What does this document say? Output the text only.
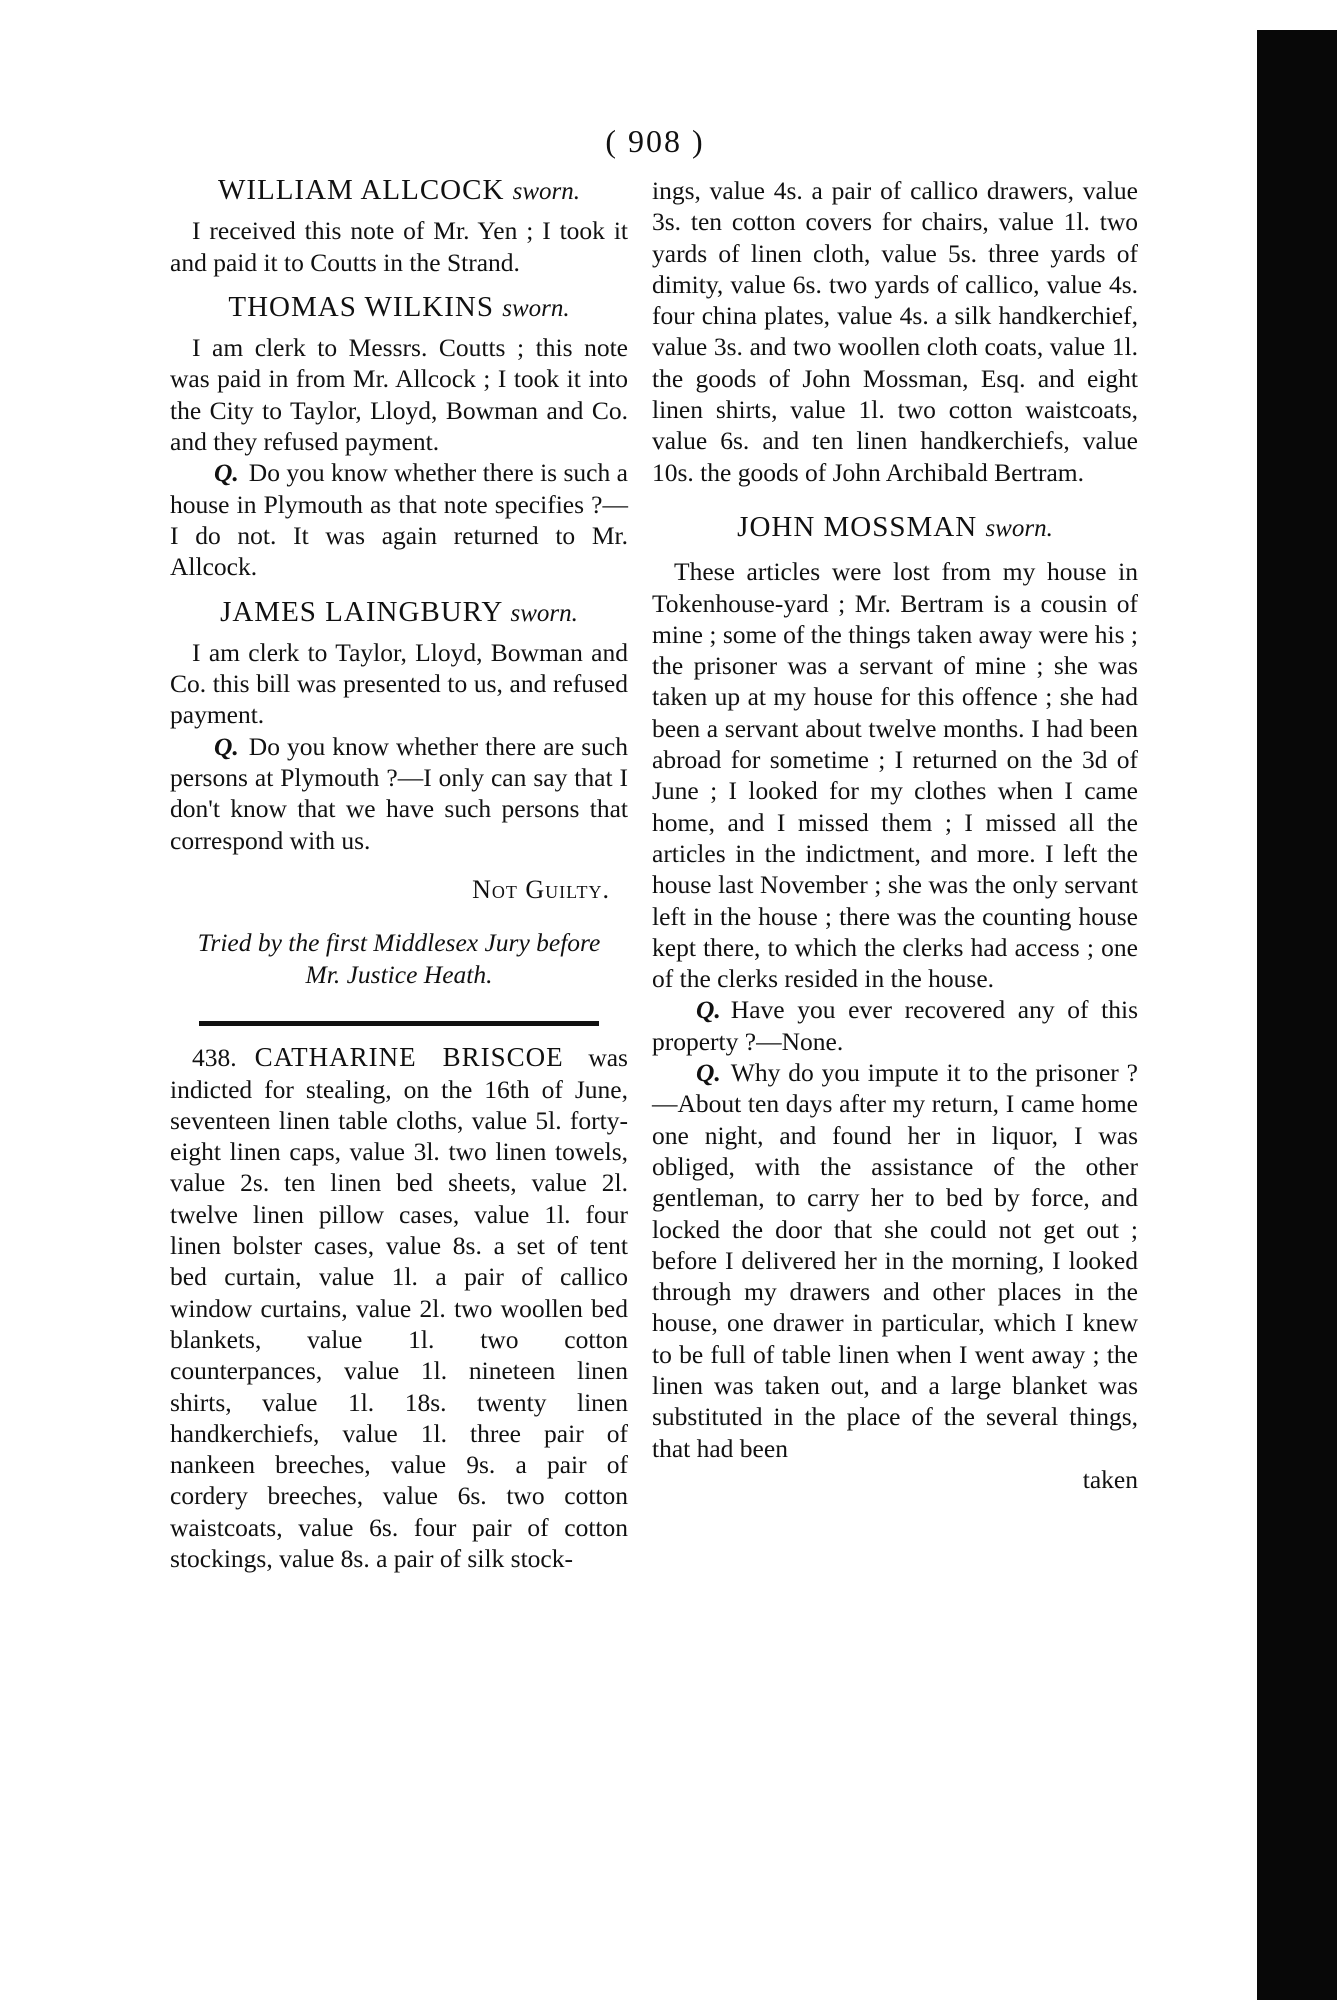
( 908 )
WILLIAM ALLCOCK sworn.

I received this note of Mr. Yen ; I took it and paid it to Coutts in the Strand.

THOMAS WILKINS sworn.

I am clerk to Messrs. Coutts ; this note was paid in from Mr. Allcock ; I took it into the City to Taylor, Lloyd, Bowman and Co. and they refused payment.

Q. Do you know whether there is such a house in Plymouth as that note specifies ?—I do not. It was again returned to Mr. Allcock.

JAMES LAINGBURY sworn.

I am clerk to Taylor, Lloyd, Bowman and Co. this bill was presented to us, and refused payment.

Q. Do you know whether there are such persons at Plymouth ?—I only can say that I don't know that we have such persons that correspond with us.

Not Guilty.
Tried by the first Middlesex Jury before
Mr. Justice Heath.

438. CATHARINE BRISCOE was indicted for stealing, on the 16th of June, seventeen linen table cloths, value 5l. forty-eight linen caps, value 3l. two linen towels, value 2s. ten linen bed sheets, value 2l. twelve linen pillow cases, value 1l. four linen bolster cases, value 8s. a set of tent bed curtain, value 1l. a pair of callico window curtains, value 2l. two woollen bed blankets, value 1l. two cotton counterpances, value 1l. nineteen linen shirts, value 1l. 18s. twenty linen handkerchiefs, value 1l. three pair of nankeen breeches, value 9s. a pair of cordery breeches, value 6s. two cotton waistcoats, value 6s. four pair of cotton stockings, value 8s. a pair of silk stock-

ings, value 4s. a pair of callico drawers, value 3s. ten cotton covers for chairs, value 1l. two yards of linen cloth, value 5s. three yards of dimity, value 6s. two yards of callico, value 4s. four china plates, value 4s. a silk handkerchief, value 3s. and two woollen cloth coats, value 1l. the goods of John Mossman, Esq. and eight linen shirts, value 1l. two cotton waistcoats, value 6s. and ten linen handkerchiefs, value 10s. the goods of John Archibald Bertram.

JOHN MOSSMAN sworn.

These articles were lost from my house in Tokenhouse-yard ; Mr. Bertram is a cousin of mine ; some of the things taken away were his ; the prisoner was a servant of mine ; she was taken up at my house for this offence ; she had been a servant about twelve months. I had been abroad for sometime ; I returned on the 3d of June ; I looked for my clothes when I came home, and I missed them ; I missed all the articles in the indictment, and more. I left the house last November ; she was the only servant left in the house ; there was the counting house kept there, to which the clerks had access ; one of the clerks resided in the house.

Q. Have you ever recovered any of this property ?—None.

Q. Why do you impute it to the prisoner ?—About ten days after my return, I came home one night, and found her in liquor, I was obliged, with the assistance of the other gentleman, to carry her to bed by force, and locked the door that she could not get out ; before I delivered her in the morning, I looked through my drawers and other places in the house, one drawer in particular, which I knew to be full of table linen when I went away ; the linen was taken out, and a large blanket was substituted in the place of the several things, that had been

taken
